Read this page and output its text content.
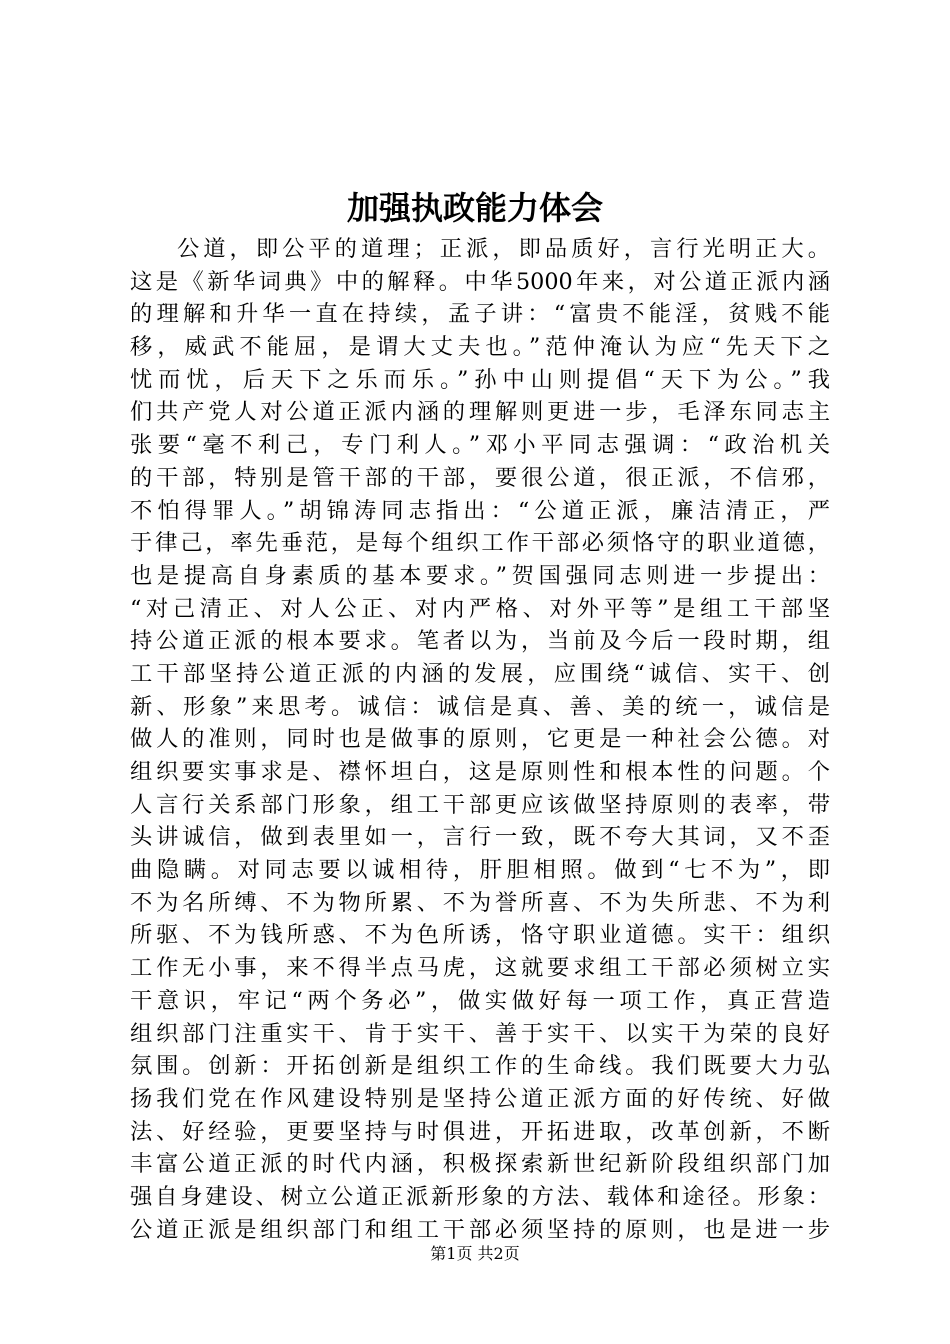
加强执政能力体会
公道，即公平的道理；正派，即品质好，言行光明正大。
这是《新华词典》中的解释。中华5000年来，对公道正派内涵
的理解和升华一直在持续，孟子讲：“富贵不能淫，贫贱不能
移，威武不能屈，是谓大丈夫也。”范仲淹认为应“先天下之
忧而忧，后天下之乐而乐。”孙中山则提倡“天下为公。”我
们共产党人对公道正派内涵的理解则更进一步，毛泽东同志主
张要“毫不利己，专门利人。”邓小平同志强调：“政治机关
的干部，特别是管干部的干部，要很公道，很正派，不信邪，
不怕得罪人。”胡锦涛同志指出：“公道正派，廉洁清正，严
于律己，率先垂范，是每个组织工作干部必须恪守的职业道德，
也是提高自身素质的基本要求。”贺国强同志则进一步提出：
“对己清正、对人公正、对内严格、对外平等”是组工干部坚
持公道正派的根本要求。笔者以为，当前及今后一段时期，组
工干部坚持公道正派的内涵的发展，应围绕“诚信、实干、创
新、形象”来思考。诚信：诚信是真、善、美的统一，诚信是
做人的准则，同时也是做事的原则，它更是一种社会公德。对
组织要实事求是、襟怀坦白，这是原则性和根本性的问题。个
人言行关系部门形象，组工干部更应该做坚持原则的表率，带
头讲诚信，做到表里如一，言行一致，既不夸大其词，又不歪
曲隐瞒。对同志要以诚相待，肝胆相照。做到“七不为”，即
不为名所缚、不为物所累、不为誉所喜、不为失所悲、不为利
所驱、不为钱所惑、不为色所诱，恪守职业道德。实干：组织
工作无小事，来不得半点马虎，这就要求组工干部必须树立实
干意识，牢记“两个务必”，做实做好每一项工作，真正营造
组织部门注重实干、肯于实干、善于实干、以实干为荣的良好
氛围。创新：开拓创新是组织工作的生命线。我们既要大力弘
扬我们党在作风建设特别是坚持公道正派方面的好传统、好做
法、好经验，更要坚持与时俱进，开拓进取，改革创新，不断
丰富公道正派的时代内涵，积极探索新世纪新阶段组织部门加
强自身建设、树立公道正派新形象的方法、载体和途径。形象：
公道正派是组织部门和组工干部必须坚持的原则，也是进一步
第1页 共2页
